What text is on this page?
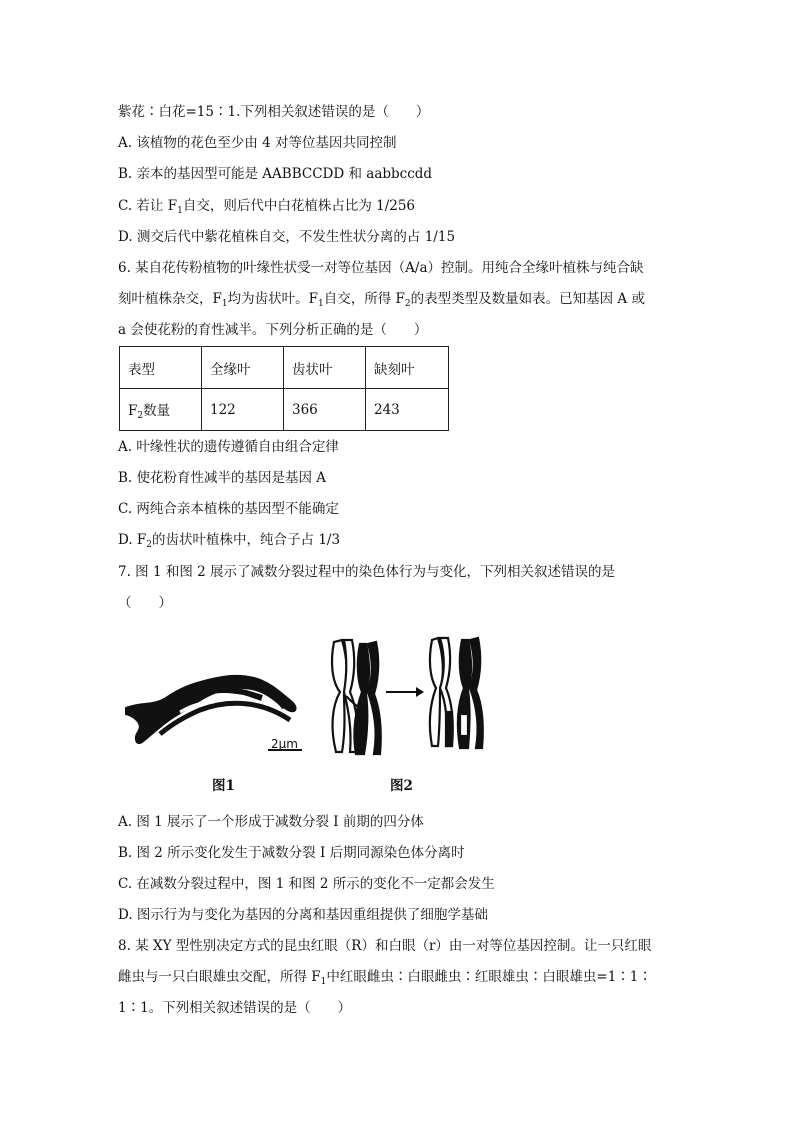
紫花∶白花=15∶1.下列相关叙述错误的是（　　）
A. 该植物的花色至少由 4 对等位基因共同控制
B. 亲本的基因型可能是 AABBCCDD 和 aabbccdd
C. 若让 $F_1$自交，则后代中白花植株占比为 1/256
D. 测交后代中紫花植株自交，不发生性状分离的占 1/15
6. 某自花传粉植物的叶缘性状受一对等位基因（A/a）控制。用纯合全缘叶植株与纯合缺
刻叶植株杂交，$F_1$均为齿状叶。$F_1$自交，所得 $F_2$的表型类型及数量如表。已知基因 A 或
a 会使花粉的育性减半。下列分析正确的是（　　）
表型	全缘叶	齿状叶	缺刻叶
$F_2$数量	122	366	243
A. 叶缘性状的遗传遵循自由组合定律
B. 使花粉育性减半的基因是基因 A
C. 两纯合亲本植株的基因型不能确定
D. $F_2$的齿状叶植株中，纯合子占 1/3
7. 图 1 和图 2 展示了减数分裂过程中的染色体行为与变化，下列相关叙述错误的是
（　　）
2μm
图1	图2
A. 图 1 展示了一个形成于减数分裂 I 前期的四分体
B. 图 2 所示变化发生于减数分裂 I 后期同源染色体分离时
C. 在减数分裂过程中，图 1 和图 2 所示的变化不一定都会发生
D. 图示行为与变化为基因的分离和基因重组提供了细胞学基础
8. 某 XY 型性别决定方式的昆虫红眼（R）和白眼（r）由一对等位基因控制。让一只红眼
雌虫与一只白眼雄虫交配，所得 $F_1$中红眼雌虫∶白眼雌虫∶红眼雄虫∶白眼雄虫=1∶1∶
1∶1。下列相关叙述错误的是（　　）
